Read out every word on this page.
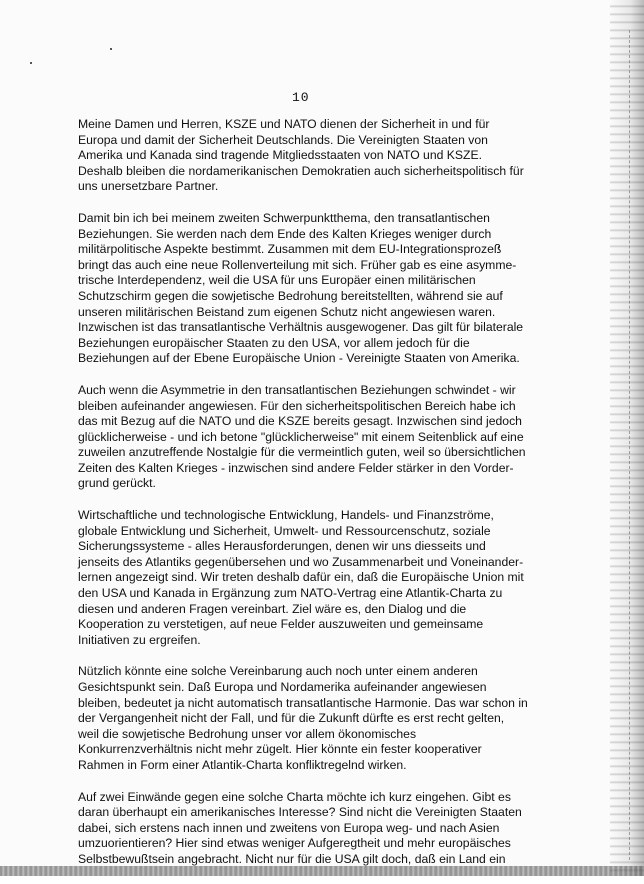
10

Meine Damen und Herren, KSZE und NATO dienen der Sicherheit in und für
Europa und damit der Sicherheit Deutschlands. Die Vereinigten Staaten von
Amerika und Kanada sind tragende Mitgliedsstaaten von NATO und KSZE.
Deshalb bleiben die nordamerikanischen Demokratien auch sicherheitspolitisch für
uns unersetzbare Partner.

Damit bin ich bei meinem zweiten Schwerpunktthema, den transatlantischen
Beziehungen. Sie werden nach dem Ende des Kalten Krieges weniger durch
militärpolitische Aspekte bestimmt. Zusammen mit dem EU-Integrationsprozeß
bringt das auch eine neue Rollenverteilung mit sich. Früher gab es eine asymme-
trische Interdependenz, weil die USA für uns Europäer einen militärischen
Schutzschirm gegen die sowjetische Bedrohung bereitstellten, während sie auf
unseren militärischen Beistand zum eigenen Schutz nicht angewiesen waren.
Inzwischen ist das transatlantische Verhältnis ausgewogener. Das gilt für bilaterale
Beziehungen europäischer Staaten zu den USA, vor allem jedoch für die
Beziehungen auf der Ebene Europäische Union - Vereinigte Staaten von Amerika.

Auch wenn die Asymmetrie in den transatlantischen Beziehungen schwindet - wir
bleiben aufeinander angewiesen. Für den sicherheitspolitischen Bereich habe ich
das mit Bezug auf die NATO und die KSZE bereits gesagt. Inzwischen sind jedoch
glücklicherweise - und ich betone "glücklicherweise" mit einem Seitenblick auf eine
zuweilen anzutreffende Nostalgie für die vermeintlich guten, weil so übersichtlichen
Zeiten des Kalten Krieges - inzwischen sind andere Felder stärker in den Vorder-
grund gerückt.

Wirtschaftliche und technologische Entwicklung, Handels- und Finanzströme,
globale Entwicklung und Sicherheit, Umwelt- und Ressourcenschutz, soziale
Sicherungssysteme - alles Herausforderungen, denen wir uns diesseits und
jenseits des Atlantiks gegenübersehen und wo Zusammenarbeit und Voneinander-
lernen angezeigt sind. Wir treten deshalb dafür ein, daß die Europäische Union mit
den USA und Kanada in Ergänzung zum NATO-Vertrag eine Atlantik-Charta zu
diesen und anderen Fragen vereinbart. Ziel wäre es, den Dialog und die
Kooperation zu verstetigen, auf neue Felder auszuweiten und gemeinsame
Initiativen zu ergreifen.

Nützlich könnte eine solche Vereinbarung auch noch unter einem anderen
Gesichtspunkt sein. Daß Europa und Nordamerika aufeinander angewiesen
bleiben, bedeutet ja nicht automatisch transatlantische Harmonie. Das war schon in
der Vergangenheit nicht der Fall, und für die Zukunft dürfte es erst recht gelten,
weil die sowjetische Bedrohung unser vor allem ökonomisches
Konkurrenzverhältnis nicht mehr zügelt. Hier könnte ein fester kooperativer
Rahmen in Form einer Atlantik-Charta konfliktregelnd wirken.

Auf zwei Einwände gegen eine solche Charta möchte ich kurz eingehen. Gibt es
daran überhaupt ein amerikanisches Interesse? Sind nicht die Vereinigten Staaten
dabei, sich erstens nach innen und zweitens von Europa weg- und nach Asien
umzuorientieren? Hier sind etwas weniger Aufgeregtheit und mehr europäisches
Selbstbewußtsein angebracht. Nicht nur für die USA gilt doch, daß ein Land ein
